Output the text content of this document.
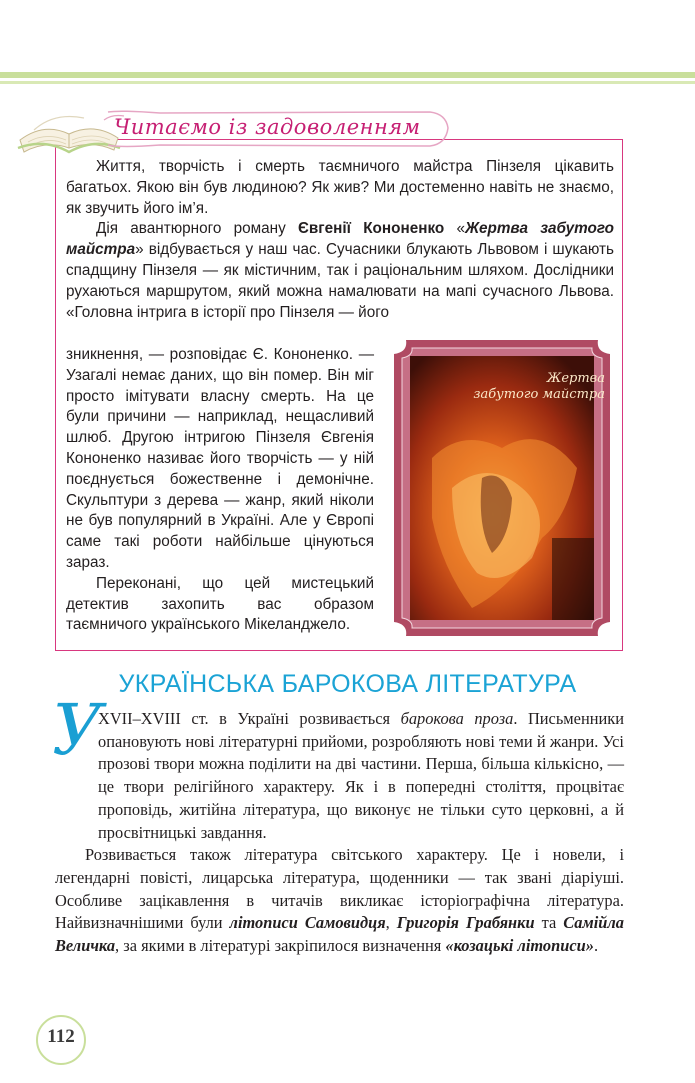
Читаємо із задоволенням

Життя, творчість і смерть таємничого майстра Пінзеля цікавить багатьох. Якою він був людиною? Як жив? Ми достеменно навіть не знаємо, як звучить його ім’я.

Дія авантюрного роману Євгенії Кононенко «Жертва забутого майстра» відбувається у наш час. Сучасники блукають Львовом і шукають спадщину Пінзеля — як містичним, так і раціональним шляхом. Дослідники рухаються маршрутом, який можна намалювати на мапі сучасного Львова. «Головна інтрига в історії про Пінзеля — його

зникнення, — розповідає Є. Кононенко. — Узагалі немає даних, що він помер. Він міг просто імітувати власну смерть. На це були причини — наприклад, нещасливий шлюб. Другою інтригою Пінзеля Євгенія Кононенко називає його творчість — у ній поєднується божественне і демонічне. Скульптури з дерева — жанр, який ніколи не був популярний в Україні. Але у Європі саме такі роботи найбільше цінуються зараз.

Переконані, що цей мистецький детектив захопить вас образом таємничого українського Мікеланджело.

Жертва
забутого майстра
УКРАЇНСЬКА БАРОКОВА ЛІТЕРАТУРА
У

XVII–XVIII ст. в Україні розвивається барокова проза. Письменники опановують нові літературні прийоми, розробляють нові теми й жанри. Усі прозові твори можна поділити на дві частини. Перша, більша кількісно, — це твори релігійного характеру. Як і в попередні століття, процвітає проповідь, житійна література, що виконує не тільки суто церковні, а й просвітницькі завдання.

Розвивається також література світського характеру. Це і новели, і легендарні повісті, лицарська література, щоденники — так звані діаріуші. Особливе зацікавлення в читачів викликає історіографічна література. Найвизначнішими були літописи Самовидця, Григорія Грабянки та Самійла Величка, за якими в літературі закріпилося визначення «козацькі літописи».

112
